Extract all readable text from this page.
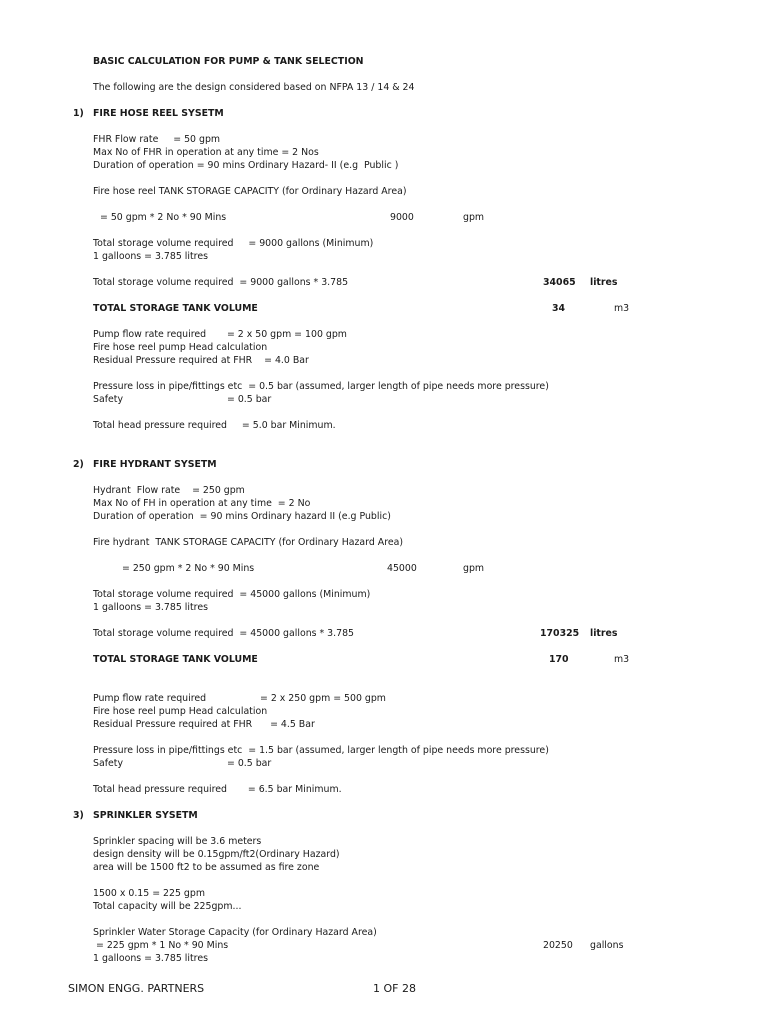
BASIC CALCULATION FOR PUMP & TANK SELECTION
The following are the design considered based on NFPA 13 / 14 & 24
1) FIRE HOSE REEL SYSETM
FHR Flow rate     = 50 gpm
Max No of FHR in operation at any time = 2 Nos
Duration of operation = 90 mins Ordinary Hazard- II (e.g  Public )
Fire hose reel TANK STORAGE CAPACITY (for Ordinary Hazard Area)
= 50 gpm * 2 No * 90 Mins	9000	gpm
Total storage volume required     = 9000 gallons (Minimum)
1 galloons = 3.785 litres
Total storage volume required  = 9000 gallons * 3.785	34065 litres
TOTAL STORAGE TANK VOLUME	34	m3
Pump flow rate required       = 2 x 50 gpm = 100 gpm
Fire hose reel pump Head calculation
Residual Pressure required at FHR    = 4.0 Bar
Pressure loss in pipe/fittings etc  = 0.5 bar (assumed, larger length of pipe needs more pressure)
Safety	= 0.5 bar
Total head pressure required     = 5.0 bar Minimum.
2) FIRE HYDRANT SYSETM
Hydrant  Flow rate    = 250 gpm
Max No of FH in operation at any time  = 2 No
Duration of operation  = 90 mins Ordinary hazard II (e.g Public)
Fire hydrant  TANK STORAGE CAPACITY (for Ordinary Hazard Area)
= 250 gpm * 2 No * 90 Mins	45000	gpm
Total storage volume required  = 45000 gallons (Minimum)
1 galloons = 3.785 litres
Total storage volume required  = 45000 gallons * 3.785	170325 litres
TOTAL STORAGE TANK VOLUME	170	m3
Pump flow rate required	= 2 x 250 gpm = 500 gpm
Fire hose reel pump Head calculation
Residual Pressure required at FHR      = 4.5 Bar
Pressure loss in pipe/fittings etc  = 1.5 bar (assumed, larger length of pipe needs more pressure)
Safety	= 0.5 bar
Total head pressure required       = 6.5 bar Minimum.
3) SPRINKLER SYSETM
Sprinkler spacing will be 3.6 meters
design density will be 0.15gpm/ft2(Ordinary Hazard)
area will be 1500 ft2 to be assumed as fire zone
1500 x 0.15 = 225 gpm
Total capacity will be 225gpm...
Sprinkler Water Storage Capacity (for Ordinary Hazard Area)
= 225 gpm * 1 No * 90 Mins	20250 gallons
1 galloons = 3.785 litres
SIMON ENGG. PARTNERS	1 OF 28
